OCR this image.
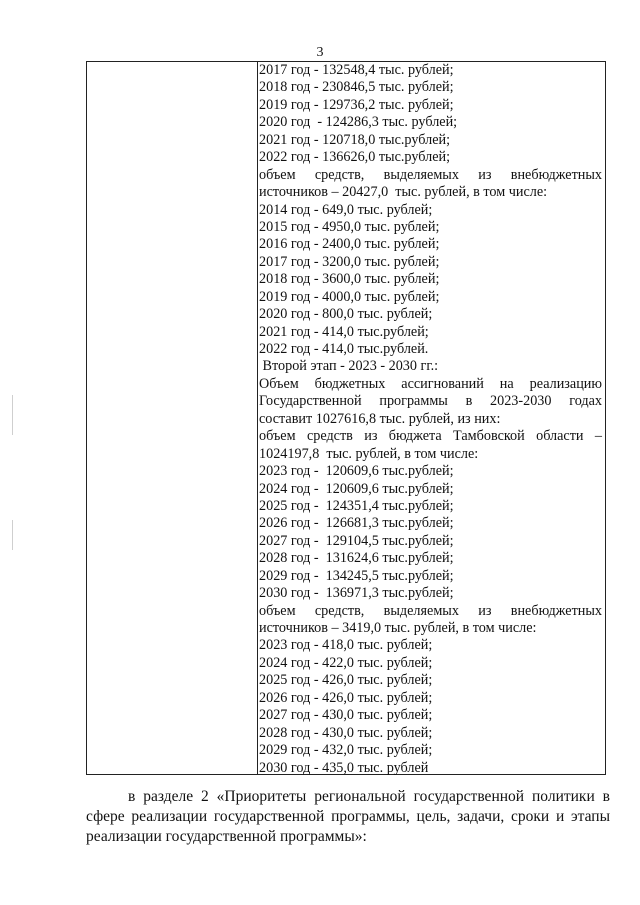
3
2017 год - 132548,4 тыс. рублей;
2018 год - 230846,5 тыс. рублей;
2019 год - 129736,2 тыс. рублей;
2020 год  - 124286,3 тыс. рублей;
2021 год - 120718,0 тыс.рублей;
2022 год - 136626,0 тыс.рублей;
объем средств, выделяемых из внебюджетных
источников – 20427,0  тыс. рублей, в том числе:
2014 год - 649,0 тыс. рублей;
2015 год - 4950,0 тыс. рублей;
2016 год - 2400,0 тыс. рублей;
2017 год - 3200,0 тыс. рублей;
2018 год - 3600,0 тыс. рублей;
2019 год - 4000,0 тыс. рублей;
2020 год - 800,0 тыс. рублей;
2021 год - 414,0 тыс.рублей;
2022 год - 414,0 тыс.рублей.
Второй этап - 2023 - 2030 гг.:
Объем бюджетных ассигнований на реализацию
Государственной программы в 2023-2030 годах
составит 1027616,8 тыс. рублей, из них:
объем средств из бюджета Тамбовской области –
1024197,8  тыс. рублей, в том числе:
2023 год -  120609,6 тыс.рублей;
2024 год -  120609,6 тыс.рублей;
2025 год -  124351,4 тыс.рублей;
2026 год -  126681,3 тыс.рублей;
2027 год -  129104,5 тыс.рублей;
2028 год -  131624,6 тыс.рублей;
2029 год -  134245,5 тыс.рублей;
2030 год -  136971,3 тыс.рублей;
объем средств, выделяемых из внебюджетных
источников – 3419,0 тыс. рублей, в том числе:
2023 год - 418,0 тыс. рублей;
2024 год - 422,0 тыс. рублей;
2025 год - 426,0 тыс. рублей;
2026 год - 426,0 тыс. рублей;
2027 год - 430,0 тыс. рублей;
2028 год - 430,0 тыс. рублей;
2029 год - 432,0 тыс. рублей;
2030 год - 435,0 тыс. рублей
в разделе 2 «Приоритеты региональной государственной политики в
сфере реализации государственной программы, цель, задачи, сроки и этапы реализации государственной программы»:
